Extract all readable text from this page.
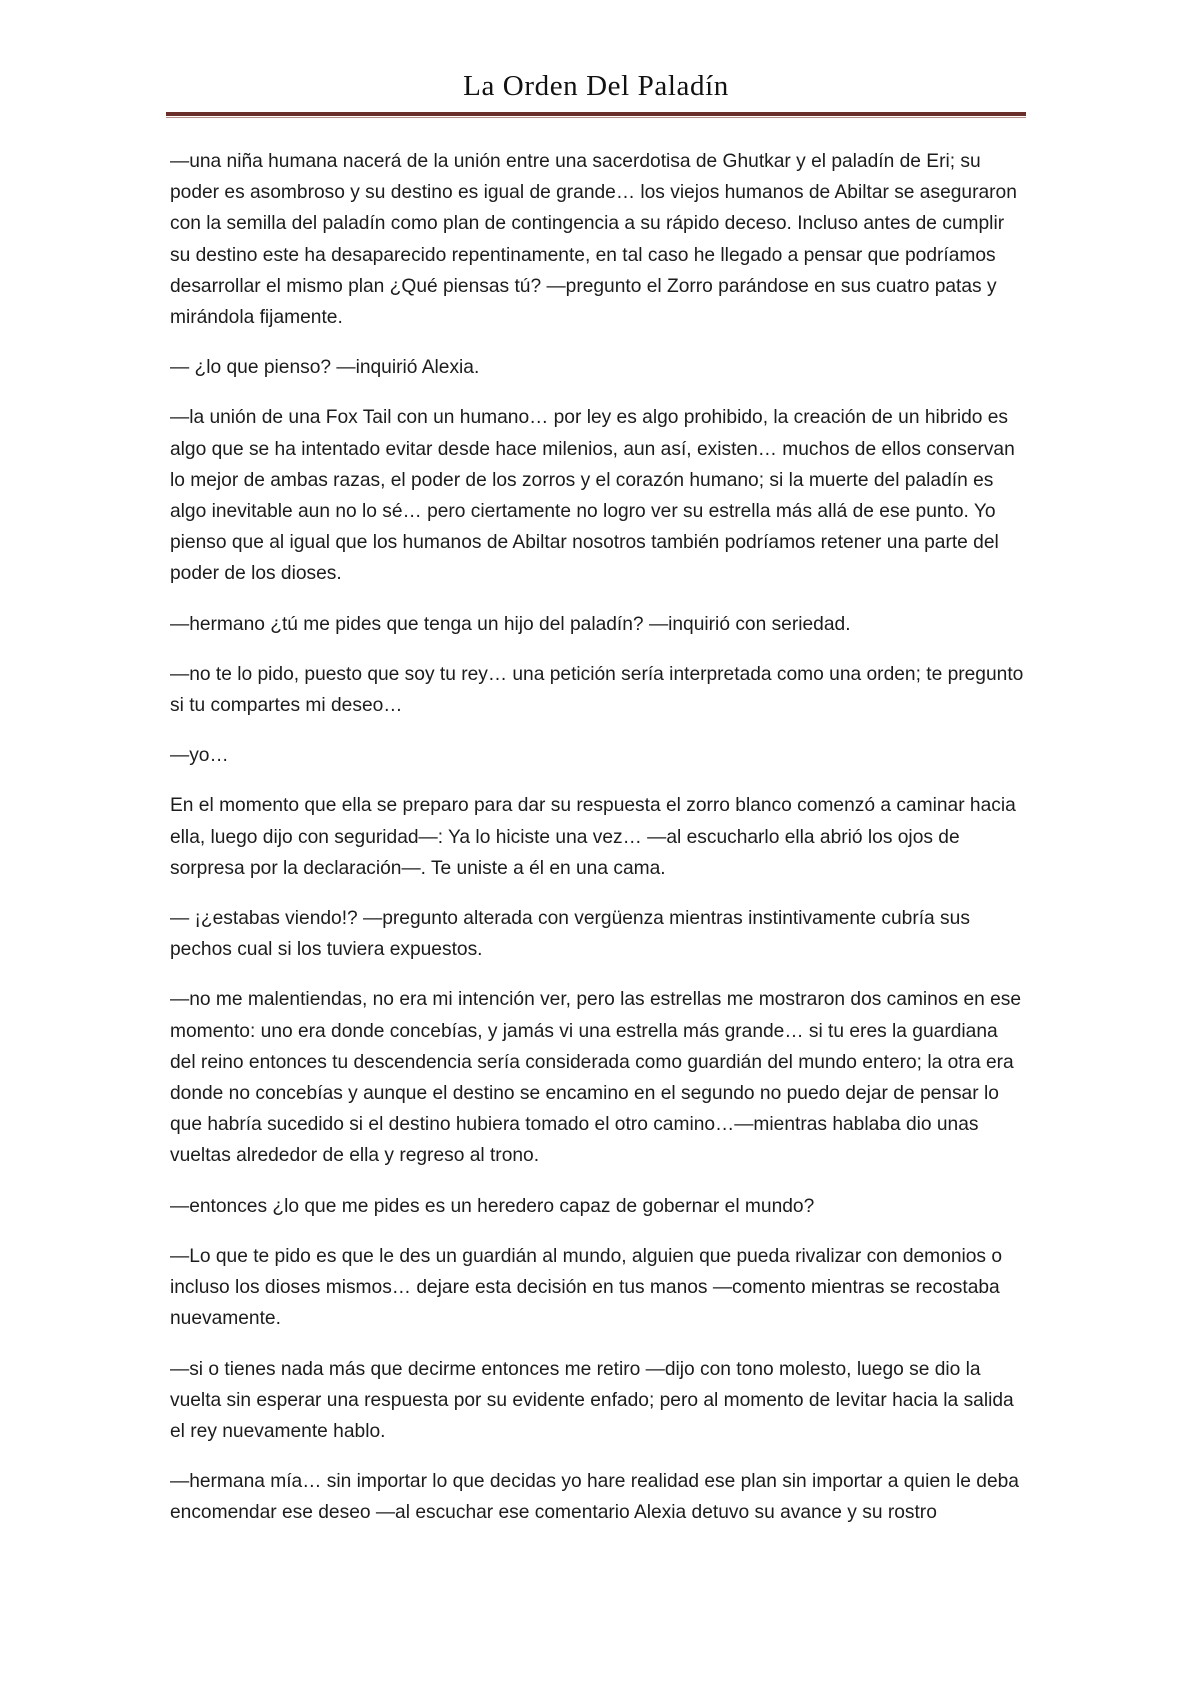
La Orden Del Paladín

—una niña humana nacerá de la unión entre una sacerdotisa de Ghutkar y el paladín de Eri; su poder es asombroso y su destino es igual de grande… los viejos humanos de Abiltar se aseguraron con la semilla del paladín como plan de contingencia a su rápido deceso. Incluso antes de cumplir su destino este ha desaparecido repentinamente, en tal caso he llegado a pensar que podríamos desarrollar el mismo plan ¿Qué piensas tú? —pregunto el Zorro parándose en sus cuatro patas y mirándola fijamente.

— ¿lo que pienso? —inquirió Alexia.

—la unión de una Fox Tail con un humano… por ley es algo prohibido, la creación de un hibrido es algo que se ha intentado evitar desde hace milenios, aun así, existen… muchos de ellos conservan lo mejor de ambas razas, el poder de los zorros y el corazón humano; si la muerte del paladín es algo inevitable aun no lo sé… pero ciertamente no logro ver su estrella más allá de ese punto. Yo pienso que al igual que los humanos de Abiltar nosotros también podríamos retener una parte del poder de los dioses.

—hermano ¿tú me pides que tenga un hijo del paladín? —inquirió con seriedad.

—no te lo pido, puesto que soy tu rey… una petición sería interpretada como una orden; te pregunto si tu compartes mi deseo…

—yo…

En el momento que ella se preparo para dar su respuesta el zorro blanco comenzó a caminar hacia ella, luego dijo con seguridad—: Ya lo hiciste una vez… —al escucharlo ella abrió los ojos de sorpresa por la declaración—. Te uniste a él en una cama.

— ¡¿estabas viendo!? —pregunto alterada con vergüenza mientras instintivamente cubría sus pechos cual si los tuviera expuestos.

—no me malentiendas, no era mi intención ver, pero las estrellas me mostraron dos caminos en ese momento: uno era donde concebías, y jamás vi una estrella más grande… si tu eres la guardiana del reino entonces tu descendencia sería considerada como guardián del mundo entero; la otra era donde no concebías y aunque el destino se encamino en el segundo no puedo dejar de pensar lo que habría sucedido si el destino hubiera tomado el otro camino…—mientras hablaba dio unas vueltas alrededor de ella y regreso al trono.

—entonces ¿lo que me pides es un heredero capaz de gobernar el mundo?

—Lo que te pido es que le des un guardián al mundo, alguien que pueda rivalizar con demonios o incluso los dioses mismos… dejare esta decisión en tus manos —comento mientras se recostaba nuevamente.

—si o tienes nada más que decirme entonces me retiro —dijo con tono molesto, luego se dio la vuelta sin esperar una respuesta por su evidente enfado; pero al momento de levitar hacia la salida el rey nuevamente hablo.

—hermana mía… sin importar lo que decidas yo hare realidad ese plan sin importar a quien le deba encomendar ese deseo —al escuchar ese comentario Alexia detuvo su avance y su rostro
